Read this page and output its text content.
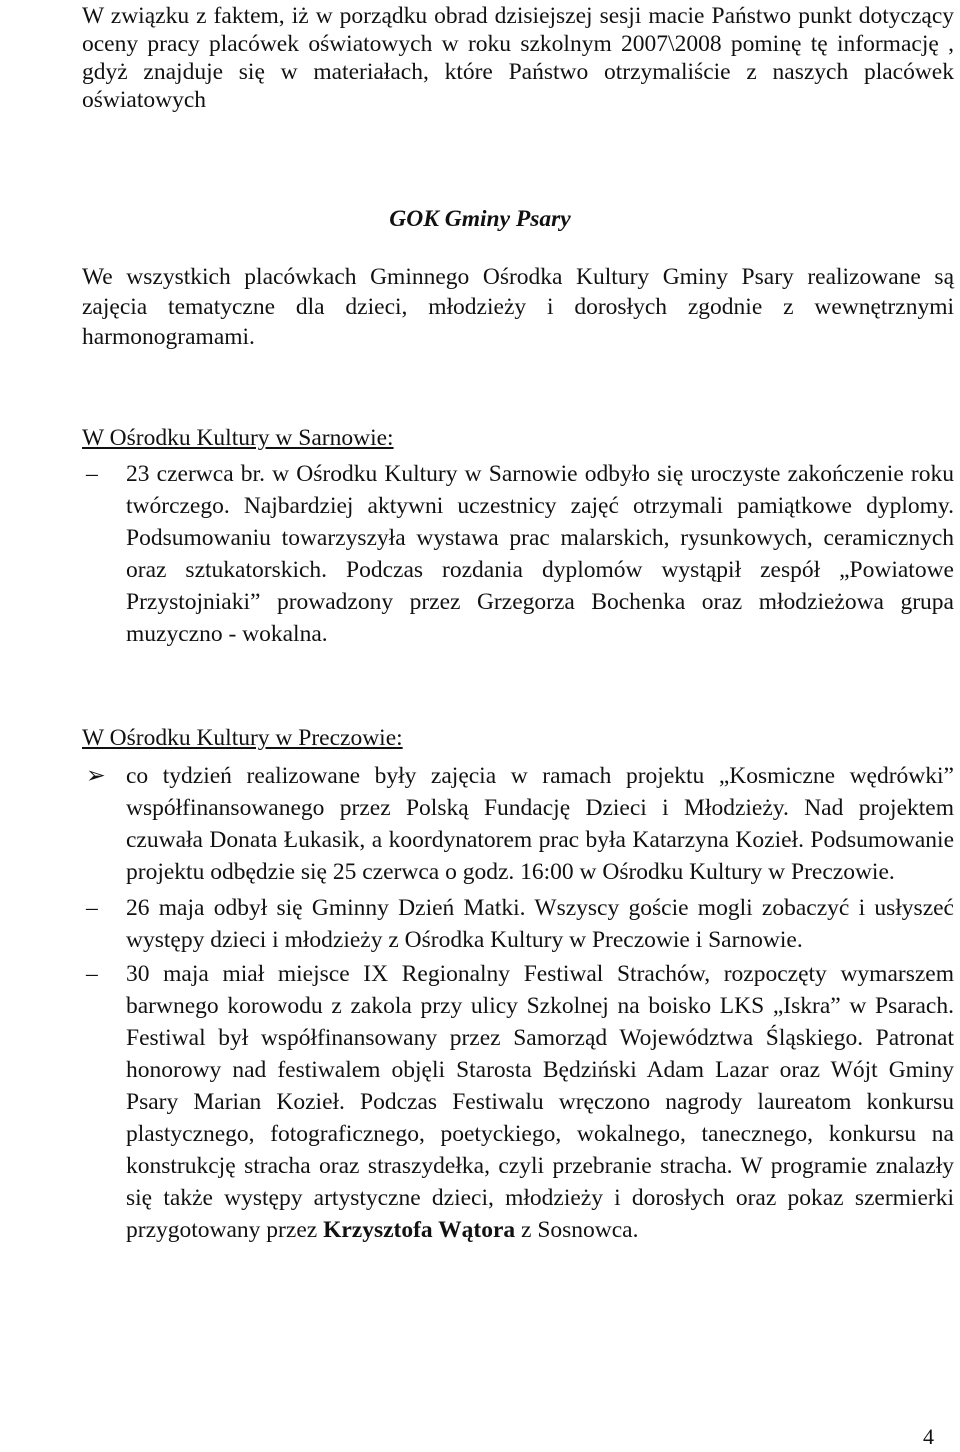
W związku z faktem, iż w porządku obrad dzisiejszej sesji macie Państwo punkt dotyczący oceny pracy placówek oświatowych w roku szkolnym 2007\2008 pominę tę informację , gdyż znajduje się w materiałach, które Państwo otrzymaliście z naszych placówek oświatowych

GOK Gminy Psary

We wszystkich placówkach Gminnego Ośrodka Kultury Gminy Psary realizowane są zajęcia tematyczne dla dzieci, młodzieży i dorosłych zgodnie z wewnętrznymi harmonogramami.

W Ośrodku Kultury w Sarnowie:

– 23 czerwca br. w Ośrodku Kultury w Sarnowie odbyło się uroczyste zakończenie roku twórczego. Najbardziej aktywni uczestnicy zajęć otrzymali pamiątkowe dyplomy. Podsumowaniu towarzyszyła wystawa prac malarskich, rysunkowych, ceramicznych oraz sztukatorskich. Podczas rozdania dyplomów wystąpił zespół „Powiatowe Przystojniaki” prowadzony przez Grzegorza Bochenka oraz młodzieżowa grupa muzyczno - wokalna.

W Ośrodku Kultury w Preczowie:

➢ co tydzień realizowane były zajęcia w ramach projektu „Kosmiczne wędrówki” współfinansowanego przez Polską Fundację Dzieci i Młodzieży. Nad projektem czuwała Donata Łukasik, a koordynatorem prac była Katarzyna Kozieł. Podsumowanie projektu odbędzie się 25 czerwca o godz. 16:00 w Ośrodku Kultury w Preczowie.
– 26 maja odbył się Gminny Dzień Matki. Wszyscy goście mogli zobaczyć i usłyszeć występy dzieci i młodzieży z Ośrodka Kultury w Preczowie i Sarnowie.
– 30 maja miał miejsce IX Regionalny Festiwal Strachów, rozpoczęty wymarszem barwnego korowodu z zakola przy ulicy Szkolnej na boisko LKS „Iskra” w Psarach. Festiwal był współfinansowany przez Samorząd Województwa Śląskiego. Patronat honorowy nad festiwalem objęli Starosta Będziński Adam Lazar oraz Wójt Gminy Psary Marian Kozieł. Podczas Festiwalu wręczono nagrody laureatom konkursu plastycznego, fotograficznego, poetyckiego, wokalnego, tanecznego, konkursu na konstrukcję stracha oraz straszydełka, czyli przebranie stracha. W programie znalazły się także występy artystyczne dzieci, młodzieży i dorosłych oraz pokaz szermierki przygotowany przez Krzysztofa Wątora z Sosnowca.

4
